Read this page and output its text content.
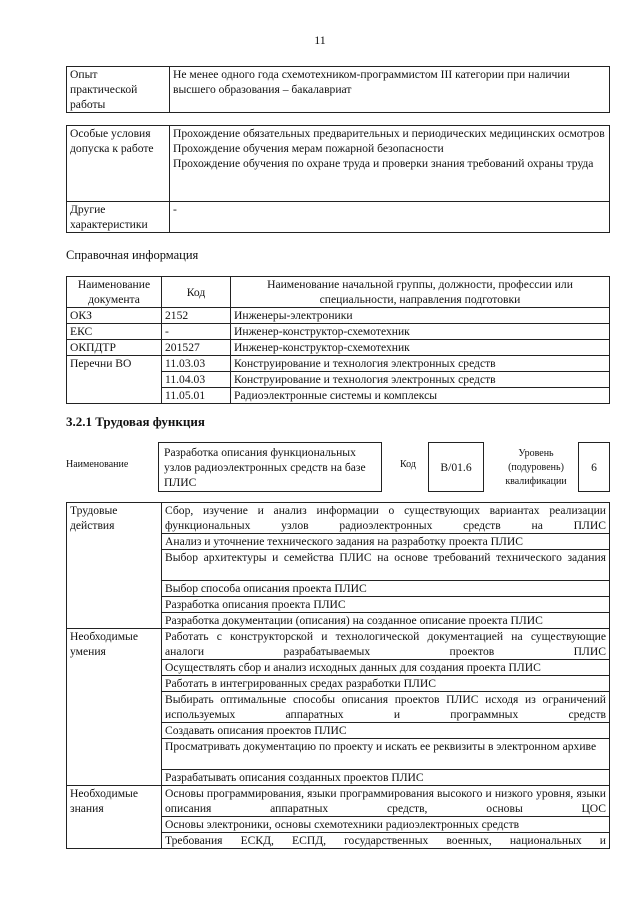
11
Опыт практической работы	Не менее одного года схемотехником-программистом III категории при наличии высшего образования – бакалавриат
Особые условия допуска к работе	Прохождение обязательных предварительных и периодических медицинских осмотров
Прохождение обучения мерам пожарной безопасности
Прохождение обучения по охране труда и проверки знания требований охраны труда

Другие характеристики	-
Справочная информация
Наименование документа	Код	Наименование начальной группы, должности, профессии или специальности, направления подготовки
ОКЗ	2152	Инженеры-электроники
ЕКС	-	Инженер-конструктор-схемотехник
ОКПДТР	201527	Инженер-конструктор-схемотехник
Перечни ВО	11.03.03	Конструирование и технология электронных средств
	11.04.03	Конструирование и технология электронных средств
	11.05.01	Радиоэлектронные системы и комплексы
3.2.1 Трудовая функция
Наименование
Разработка описания функциональных узлов радиоэлектронных средств на базе ПЛИС
Код B/01.6
Уровень (подуровень) квалификации
6
Трудовые действия	Сбор, изучение и анализ информации о существующих вариантах реализации функциональных узлов радиоэлектронных средств на ПЛИС
	Анализ и уточнение технического задания на разработку проекта ПЛИС
	Выбор архитектуры и семейства ПЛИС на основе требований технического задания
	Выбор способа описания проекта ПЛИС
	Разработка описания проекта ПЛИС
	Разработка документации (описания) на созданное описание проекта ПЛИС
Необходимые умения	Работать с конструкторской и технологической документацией на существующие аналоги разрабатываемых проектов ПЛИС
	Осуществлять сбор и анализ исходных данных для создания проекта ПЛИС
	Работать в интегрированных средах разработки ПЛИС
	Выбирать оптимальные способы описания проектов ПЛИС исходя из ограничений используемых аппаратных и программных средств
	Создавать описания проектов ПЛИС
	Просматривать документацию по проекту и искать ее реквизиты в электронном архиве
	Разрабатывать описания созданных проектов ПЛИС
Необходимые знания	Основы программирования, языки программирования высокого и низкого уровня, языки описания аппаратных средств, основы ЦОС
	Основы электроники, основы схемотехники радиоэлектронных средств
	Требования ЕСКД, ЕСПД, государственных военных, национальных и
